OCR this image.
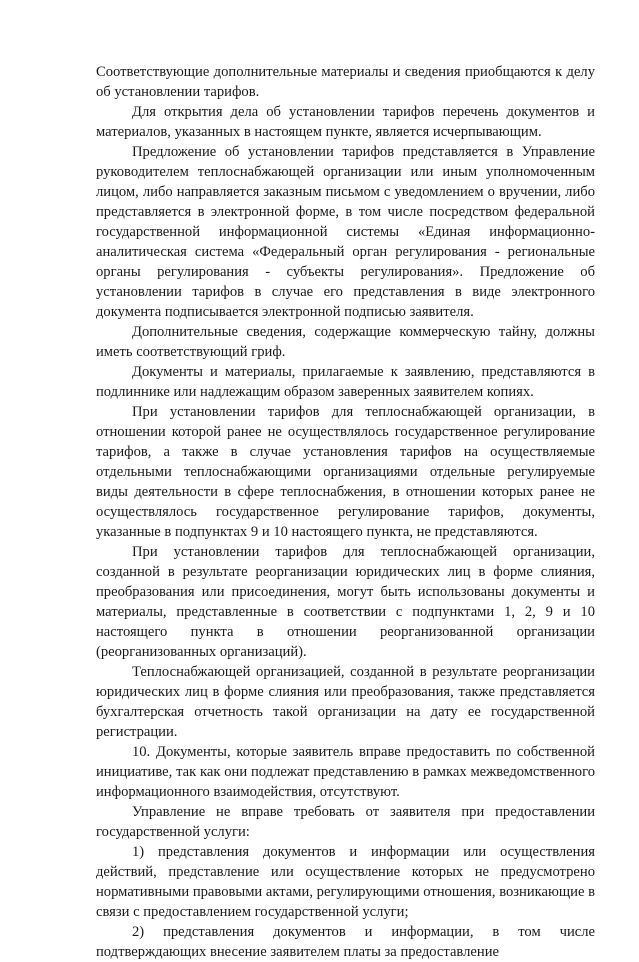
Соответствующие дополнительные материалы и сведения приобщаются к делу об установлении тарифов.

Для открытия дела об установлении тарифов перечень документов и материалов, указанных в настоящем пункте, является исчерпывающим.

Предложение об установлении тарифов представляется в Управление руководителем теплоснабжающей организации или иным уполномоченным лицом, либо направляется заказным письмом с уведомлением о вручении, либо представляется в электронной форме, в том числе посредством федеральной государственной информационной системы «Единая информационно-аналитическая система «Федеральный орган регулирования - региональные органы регулирования - субъекты регулирования». Предложение об установлении тарифов в случае его представления в виде электронного документа подписывается электронной подписью заявителя.

Дополнительные сведения, содержащие коммерческую тайну, должны иметь соответствующий гриф.

Документы и материалы, прилагаемые к заявлению, представляются в подлиннике или надлежащим образом заверенных заявителем копиях.

При установлении тарифов для теплоснабжающей организации, в отношении которой ранее не осуществлялось государственное регулирование тарифов, а также в случае установления тарифов на осуществляемые отдельными теплоснабжающими организациями отдельные регулируемые виды деятельности в сфере теплоснабжения, в отношении которых ранее не осуществлялось государственное регулирование тарифов, документы, указанные в подпунктах 9 и 10 настоящего пункта, не представляются.

При установлении тарифов для теплоснабжающей организации, созданной в результате реорганизации юридических лиц в форме слияния, преобразования или присоединения, могут быть использованы документы и материалы, представленные в соответствии с подпунктами 1, 2, 9 и 10 настоящего пункта в отношении реорганизованной организации (реорганизованных организаций).

Теплоснабжающей организацией, созданной в результате реорганизации юридических лиц в форме слияния или преобразования, также представляется бухгалтерская отчетность такой организации на дату ее государственной регистрации.

10. Документы, которые заявитель вправе предоставить по собственной инициативе, так как они подлежат представлению в рамках межведомственного информационного взаимодействия, отсутствуют.

Управление не вправе требовать от заявителя при предоставлении государственной услуги:

1) представления документов и информации или осуществления действий, представление или осуществление которых не предусмотрено нормативными правовыми актами, регулирующими отношения, возникающие в связи с предоставлением государственной услуги;

2) представления документов и информации, в том числе подтверждающих внесение заявителем платы за предоставление
